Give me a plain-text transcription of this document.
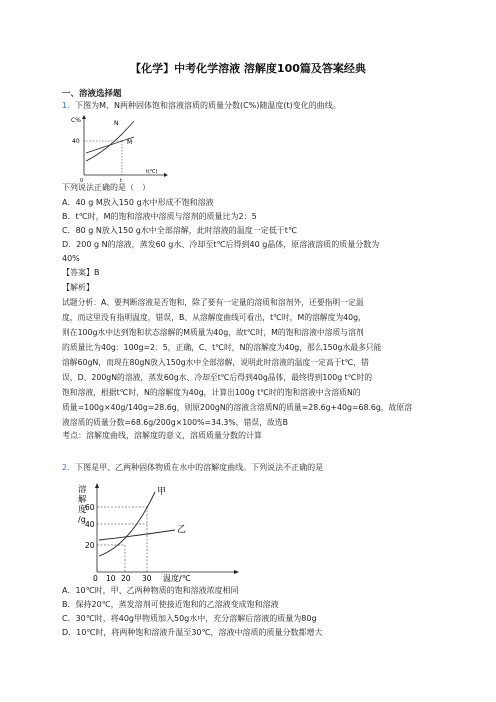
【化学】中考化学溶液 溶解度100篇及答案经典
一、溶液选择题
1．下图为M、N两种固体饱和溶液溶质的质量分数(C%)随温度(t)变化的曲线。
C%
40
N
M
0	t
t(℃)
下列说法正确的是（　）
A．40 g M放入150 g水中形成不饱和溶液
B．t℃时，M的饱和溶液中溶质与溶剂的质量比为2：5
C．80 g N放入150 g水中全部溶解，此时溶液的温度一定低于t℃
D．200 g N的溶液，蒸发60 g水、冷却至t℃后得到40 g晶体，原溶液溶质的质量分数为
40%
【答案】B
【解析】
试题分析：A、要判断溶液是否饱和，除了要有一定量的溶质和溶剂外，还要指明一定温
度，而这里没有指明温度，错误，B、从溶解度曲线可看出，t℃时，M的溶解度为40g，
则在100g水中达到饱和状态溶解的M质量为40g，故t℃时，M的饱和溶液中溶质与溶剂
的质量比为40g：100g=2：5，正确，C、t℃时，N的溶解度为40g，那么150g水最多只能
溶解60gN，而现在80gN放入150g水中全部溶解，说明此时溶液的温度一定高于t℃，错
误，D、200gN的溶液，蒸发60g水、冷却至t℃后得到40g晶体，最终得到100g t℃时的
饱和溶液，根据t℃时，N的溶解度为40g，计算出100g t℃时的饱和溶液中含溶质N的
质量=100g×40g/140g=28.6g，则原200gN的溶液含溶质N的质量=28.6g+40g=68.6g，故原溶
液溶质的质量分数=68.6g/200g×100%=34.3%，错误，故选B
考点：溶解度曲线，溶解度的意义，溶质质量分数的计算
2．下图是甲、乙两种固体物质在水中的溶解度曲线。下列说法不正确的是
溶
解
度
/g
60
40
20
甲
乙
0 10 20 30 温度/℃
A．10℃时，甲、乙两种物质的饱和溶液浓度相同
B．保持20℃，蒸发溶剂可使接近饱和的乙溶液变成饱和溶液
C．30℃时，将40g甲物质加入50g水中，充分溶解后溶液的质量为80g
D．10℃时，将两种饱和溶液升温至30℃，溶液中溶质的质量分数都增大
